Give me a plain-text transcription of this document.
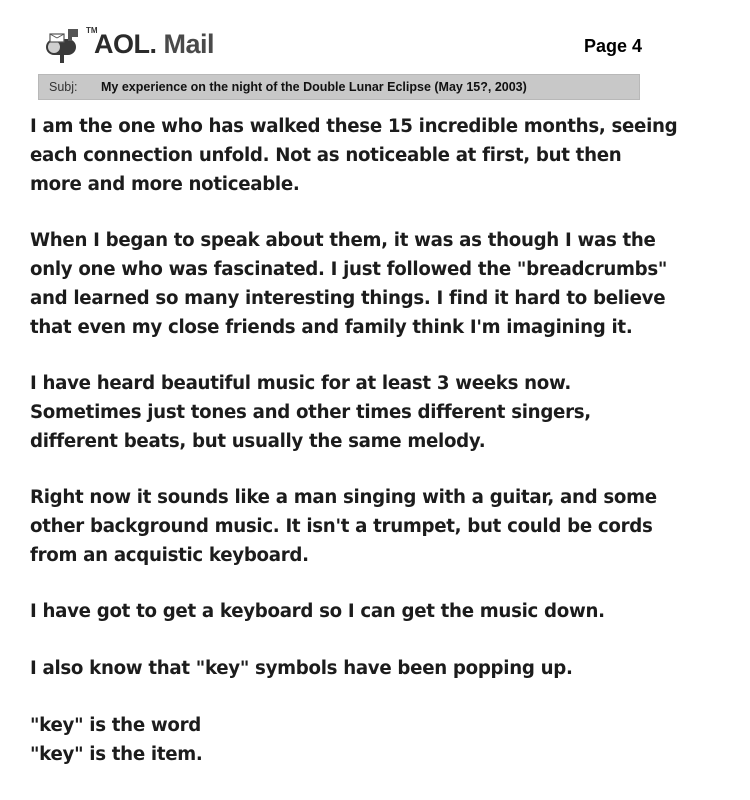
TM
AOL. Mail	Page 4
Subj:	My experience on the night of the Double Lunar Eclipse (May 15?, 2003)
I am the one who has walked these 15 incredible months, seeing
each connection unfold. Not as noticeable at first, but then
more and more noticeable.
When I began to speak about them, it was as though I was the
only one who was fascinated. I just followed the "breadcrumbs"
and learned so many interesting things. I find it hard to believe
that even my close friends and family think I'm imagining it.
I have heard beautiful music for at least 3 weeks now.
Sometimes just tones and other times different singers,
different beats, but usually the same melody.
Right now it sounds like a man singing with a guitar, and some
other background music. It isn't a trumpet, but could be cords
from an acquistic keyboard.
I have got to get a keyboard so I can get the music down.
I also know that "key" symbols have been popping up.
"key" is the word
"key" is the item.
